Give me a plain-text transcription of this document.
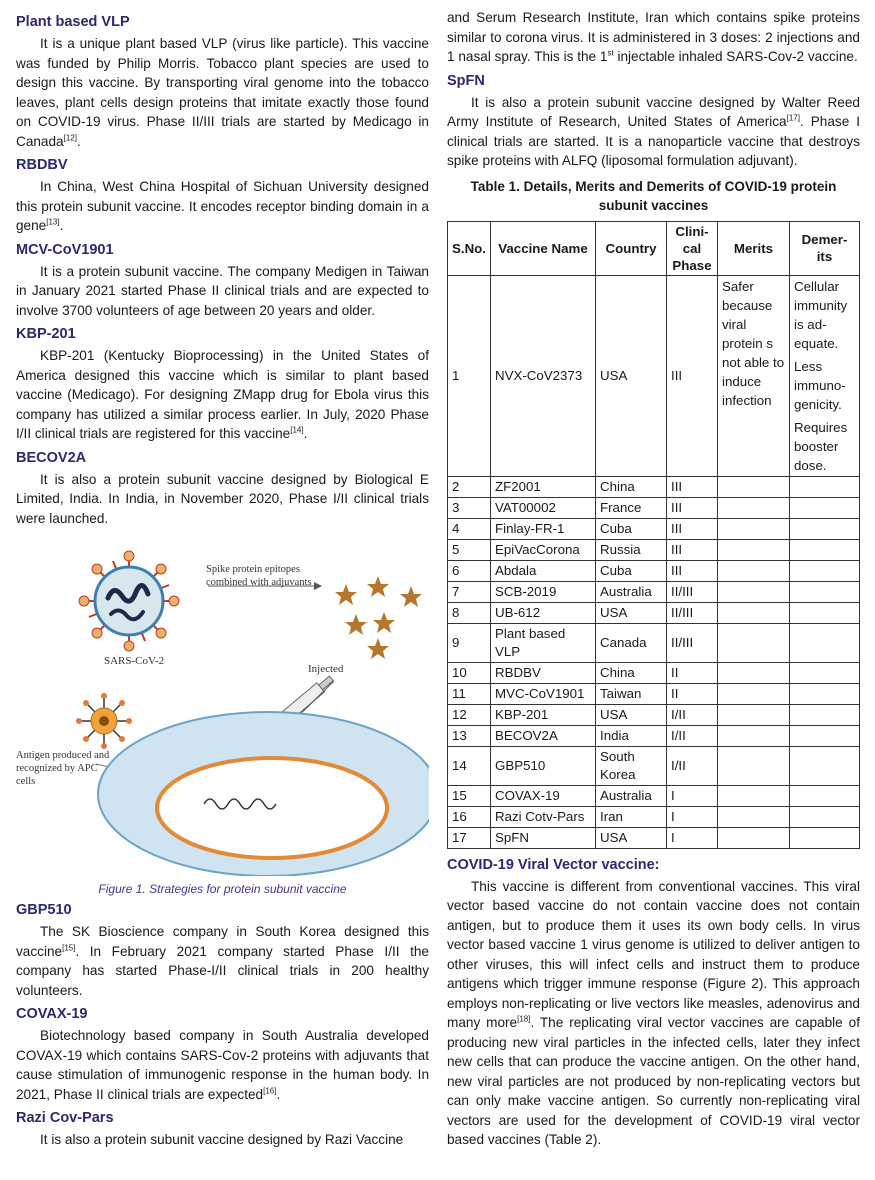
Plant based VLP

It is a unique plant based VLP (virus like particle). This vaccine was funded by Philip Morris. Tobacco plant species are used to design this vaccine. By transporting viral genome into the tobacco leaves, plant cells design proteins that imitate exactly those found on COVID-19 virus. Phase II/III trials are started by Medicago in Canada[12].

RBDBV

In China, West China Hospital of Sichuan University designed this protein subunit vaccine. It encodes receptor binding domain in a gene[13].

MCV-CoV1901

It is a protein subunit vaccine. The company Medigen in Taiwan in January 2021 started Phase II clinical trials and are expected to involve 3700 volunteers of age between 20 years and older.

KBP-201

KBP-201 (Kentucky Bioprocessing) in the United States of America designed this vaccine which is similar to plant based vaccine (Medicago). For designing ZMapp drug for Ebola virus this company has utilized a similar process earlier. In July, 2020 Phase I/II clinical trials are registered for this vaccine[14].

BECOV2A

It is also a protein subunit vaccine designed by Biological E Limited, India. In India, in November 2020, Phase I/II clinical trials were launched.

SARS-CoV-2
Spike protein epitopes combined with adjuvants
Injected
Antigen produced and recognized by APC cells
Figure 1. Strategies for protein subunit vaccine
GBP510

The SK Bioscience company in South Korea designed this vaccine[15]. In February 2021 company started Phase I/II the company has started Phase-I/II clinical trials in 200 healthy volunteers.

COVAX-19

Biotechnology based company in South Australia developed COVAX-19 which contains SARS-Cov-2 proteins with adjuvants that cause stimulation of immunogenic response in the human body. In 2021, Phase II clinical trials are expected[16].

Razi Cov-Pars

It is also a protein subunit vaccine designed by Razi Vaccine

and Serum Research Institute, Iran which contains spike proteins similar to corona virus. It is administered in 3 doses: 2 injections and 1 nasal spray. This is the 1st injectable inhaled SARS-Cov-2 vaccine.

SpFN

It is also a protein subunit vaccine designed by Walter Reed Army Institute of Research, United States of America[17]. Phase I clinical trials are started. It is a nanoparticle vaccine that destroys spike proteins with ALFQ (liposomal formulation adjuvant).

Table 1. Details, Merits and Demerits of COVID-19 protein subunit vaccines
S.No.	Vaccine Name	Country	Clini-cal Phase	Merits	Demer-its
1	NVX-CoV2373	USA	III	Safer because viral protein s not able to induce infection	Cellular immunity is ad-equate.
Less immuno-genicity.
Requires booster dose.

2	ZF2001	China	III		
3	VAT00002	France	III		
4	Finlay-FR-1	Cuba	III		
5	EpiVacCorona	Russia	III		
6	Abdala	Cuba	III		
7	SCB-2019	Australia	II/III		
8	UB-612	USA	II/III		
9	Plant based VLP	Canada	II/III		
10	RBDBV	China	II		
11	MVC-CoV1901	Taiwan	II		
12	KBP-201	USA	I/II		
13	BECOV2A	India	I/II		
14	GBP510	South Korea	I/II		
15	COVAX-19	Australia	I		
16	Razi Cotv-Pars	Iran	I		
17	SpFN	USA	I		
COVID-19 Viral Vector vaccine:

This vaccine is different from conventional vaccines. This viral vector based vaccine do not contain vaccine does not contain antigen, but to produce them it uses its own body cells. In virus vector based vaccine 1 virus genome is utilized to deliver antigen to other viruses, this will infect cells and instruct them to produce antigens which trigger immune response (Figure 2). This approach employs non-replicating or live vectors like measles, adenovirus and many more[18]. The replicating viral vector vaccines are capable of producing new viral particles in the infected cells, later they infect new cells that can produce the vaccine antigen. On the other hand, new viral particles are not produced by non-replicating vectors but can only make vaccine antigen. So currently non-replicating viral vectors are used for the development of COVID-19 viral vector based vaccines (Table 2).
